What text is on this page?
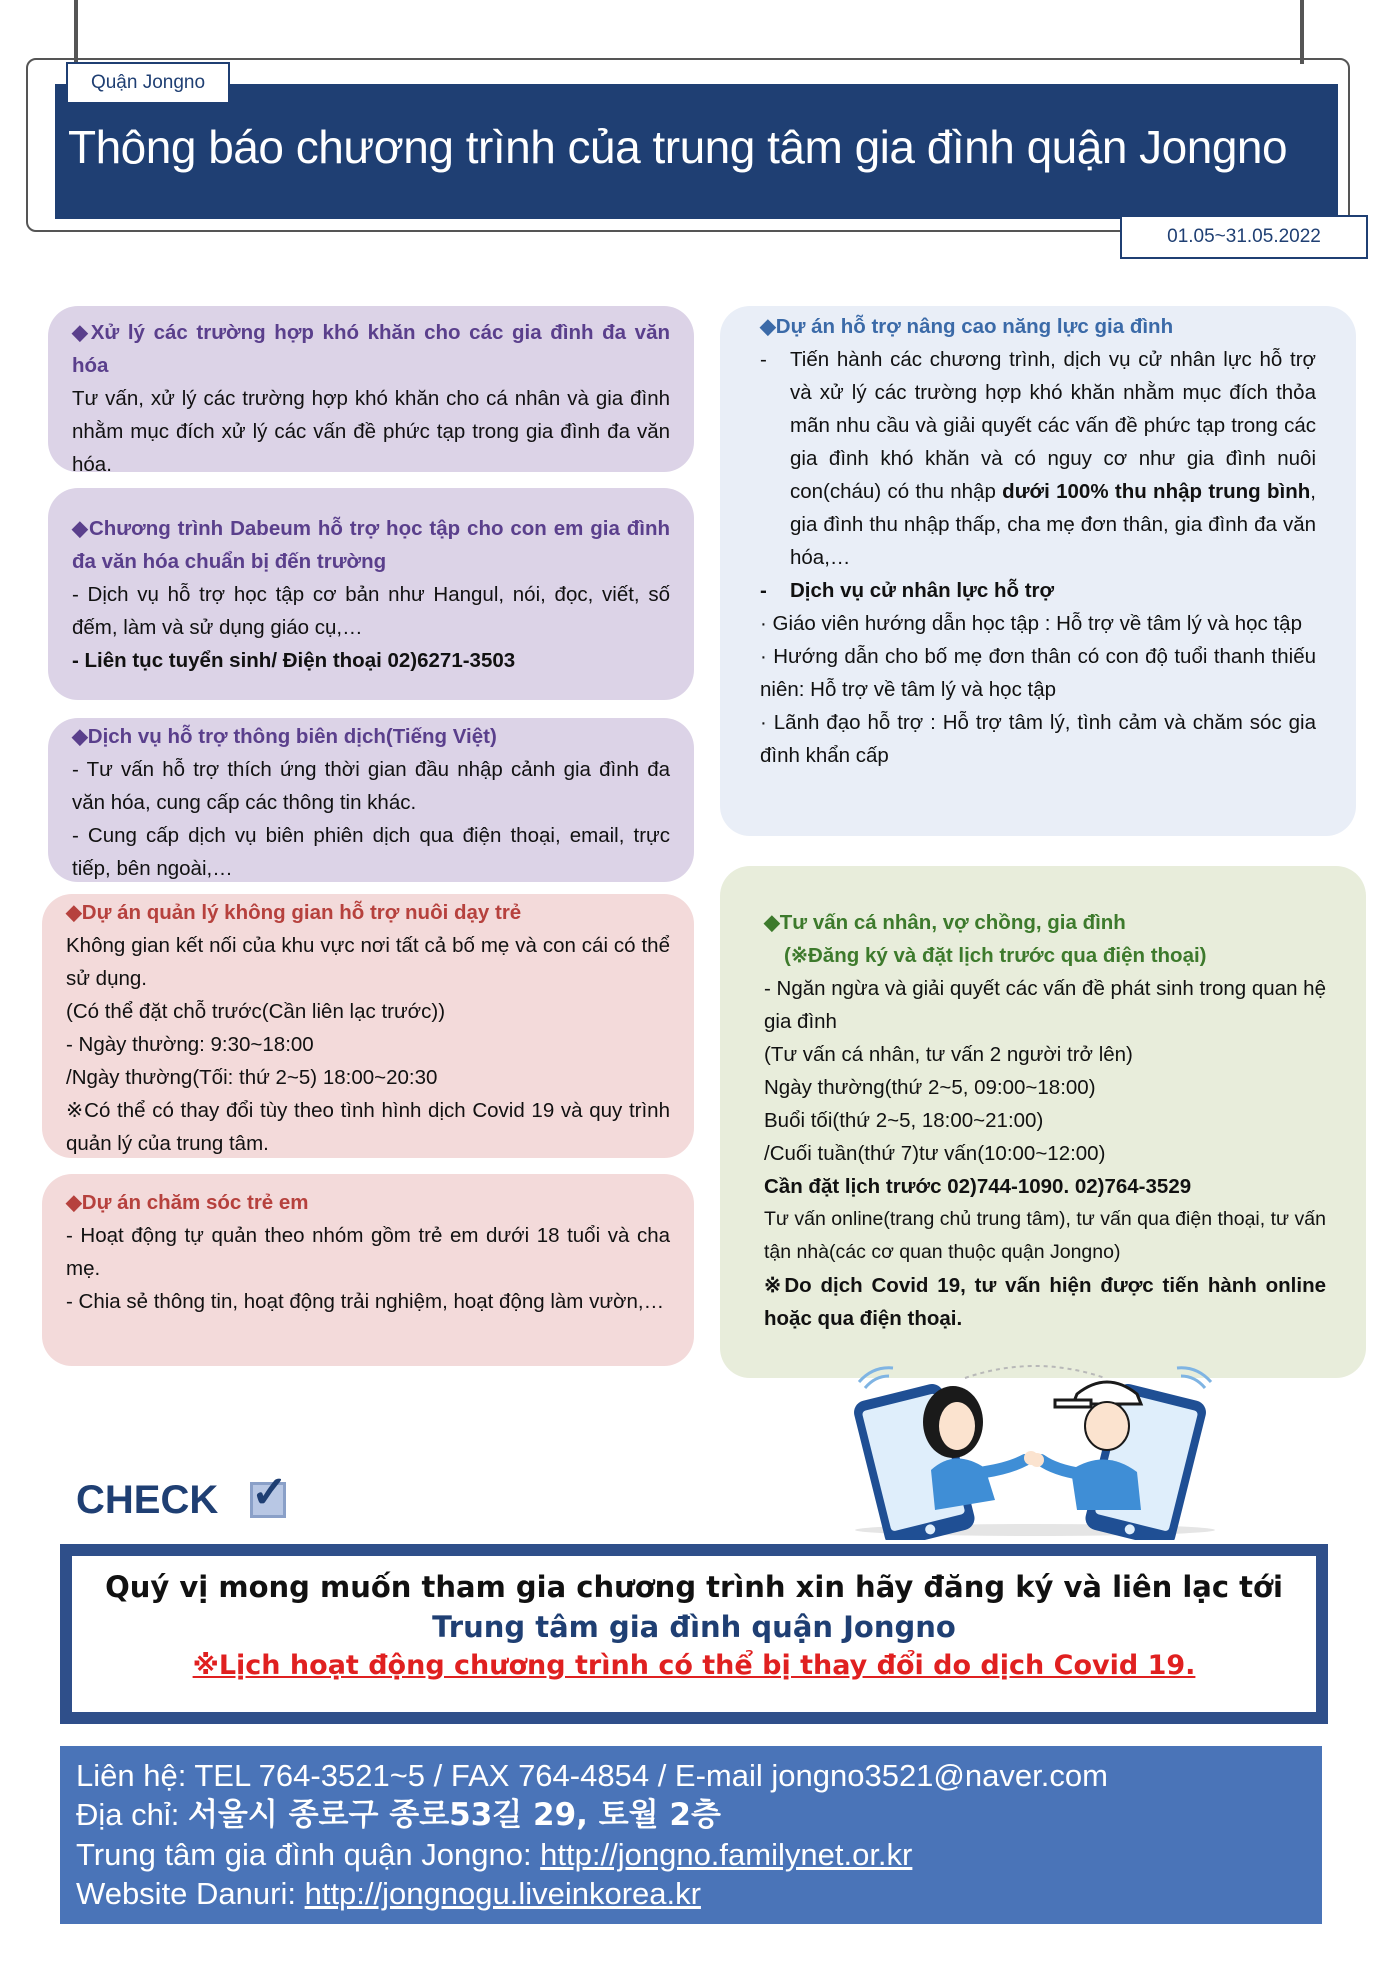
Quận Jongno
Thông báo chương trình của trung tâm gia đình quận Jongno
01.05~31.05.2022
◆ Xử lý các trường hợp khó khăn cho các gia đình đa văn hóa
Tư vấn, xử lý các trường hợp khó khăn cho cá nhân và gia đình nhằm mục đích xử lý các vấn đề phức tạp trong gia đình đa văn hóa.
◆ Chương trình Dabeum hỗ trợ học tập cho con em gia đình đa văn hóa chuẩn bị đến trường
- Dịch vụ hỗ trợ học tập cơ bản như Hangul, nói, đọc, viết, số đếm, làm và sử dụng giáo cụ,…
- Liên tục tuyển sinh/ Điện thoại 02)6271-3503
◆ Dịch vụ hỗ trợ thông biên dịch(Tiếng Việt)
- Tư vấn hỗ trợ thích ứng thời gian đầu nhập cảnh gia đình đa văn hóa, cung cấp các thông tin khác.
- Cung cấp dịch vụ biên phiên dịch qua điện thoại, email, trực tiếp, bên ngoài,…
◆ Dự án quản lý không gian hỗ trợ nuôi dạy trẻ
Không gian kết nối của khu vực nơi tất cả bố mẹ và con cái có thể sử dụng.
(Có thể đặt chỗ trước(Cần liên lạc trước))
- Ngày thường: 9:30~18:00
/Ngày thường(Tối: thứ 2~5) 18:00~20:30
※Có thể có thay đổi tùy theo tình hình dịch Covid 19 và quy trình quản lý của trung tâm.
◆ Dự án chăm sóc trẻ em
- Hoạt động tự quản theo nhóm gồm trẻ em dưới 18 tuổi và cha mẹ.
- Chia sẻ thông tin, hoạt động trải nghiệm, hoạt động làm vườn,…
◆ Dự án hỗ trợ nâng cao năng lực gia đình
-	Tiến hành các chương trình, dịch vụ cử nhân lực hỗ trợ và xử lý các trường hợp khó khăn nhằm mục đích thỏa mãn nhu cầu và giải quyết các vấn đề phức tạp trong các gia đình khó khăn và có nguy cơ như gia đình nuôi con(cháu) có thu nhập dưới 100% thu nhập trung bình, gia đình thu nhập thấp, cha mẹ đơn thân, gia đình đa văn hóa,…
-	Dịch vụ cử nhân lực hỗ trợ
· Giáo viên hướng dẫn học tập : Hỗ trợ về tâm lý và học tập
· Hướng dẫn cho bố mẹ đơn thân có con độ tuổi thanh thiếu niên: Hỗ trợ về tâm lý và học tập
· Lãnh đạo hỗ trợ : Hỗ trợ tâm lý, tình cảm và chăm sóc gia đình khẩn cấp
◆ Tư vấn cá nhân, vợ chồng, gia đình
(※Đăng ký và đặt lịch trước qua điện thoại)
- Ngăn ngừa và giải quyết các vấn đề phát sinh trong quan hệ gia đình
(Tư vấn cá nhân, tư vấn 2 người trở lên)
Ngày thường(thứ 2~5, 09:00~18:00)
Buổi tối(thứ 2~5, 18:00~21:00)
/Cuối tuần(thứ 7)tư vấn(10:00~12:00)
Cần đặt lịch trước 02)744-1090. 02)764-3529
Tư vấn online(trang chủ trung tâm), tư vấn qua điện thoại, tư vấn tận nhà(các cơ quan thuộc quận Jongno)
※Do dịch Covid 19, tư vấn hiện được tiến hành online hoặc qua điện thoại.
CHECK ✓
Quý vị mong muốn tham gia chương trình xin hãy đăng ký và liên lạc tới
Trung tâm gia đình quận Jongno
※Lịch hoạt động chương trình có thể bị thay đổi do dịch Covid 19.
Liên hệ: TEL 764-3521~5 / FAX 764-4854 / E-mail jongno3521@naver.com
Địa chỉ: 서울시 종로구 종로53길 29, 토월 2층
Trung tâm gia đình quận Jongno: http://jongno.familynet.or.kr
Website Danuri: http://jongnogu.liveinkorea.kr
